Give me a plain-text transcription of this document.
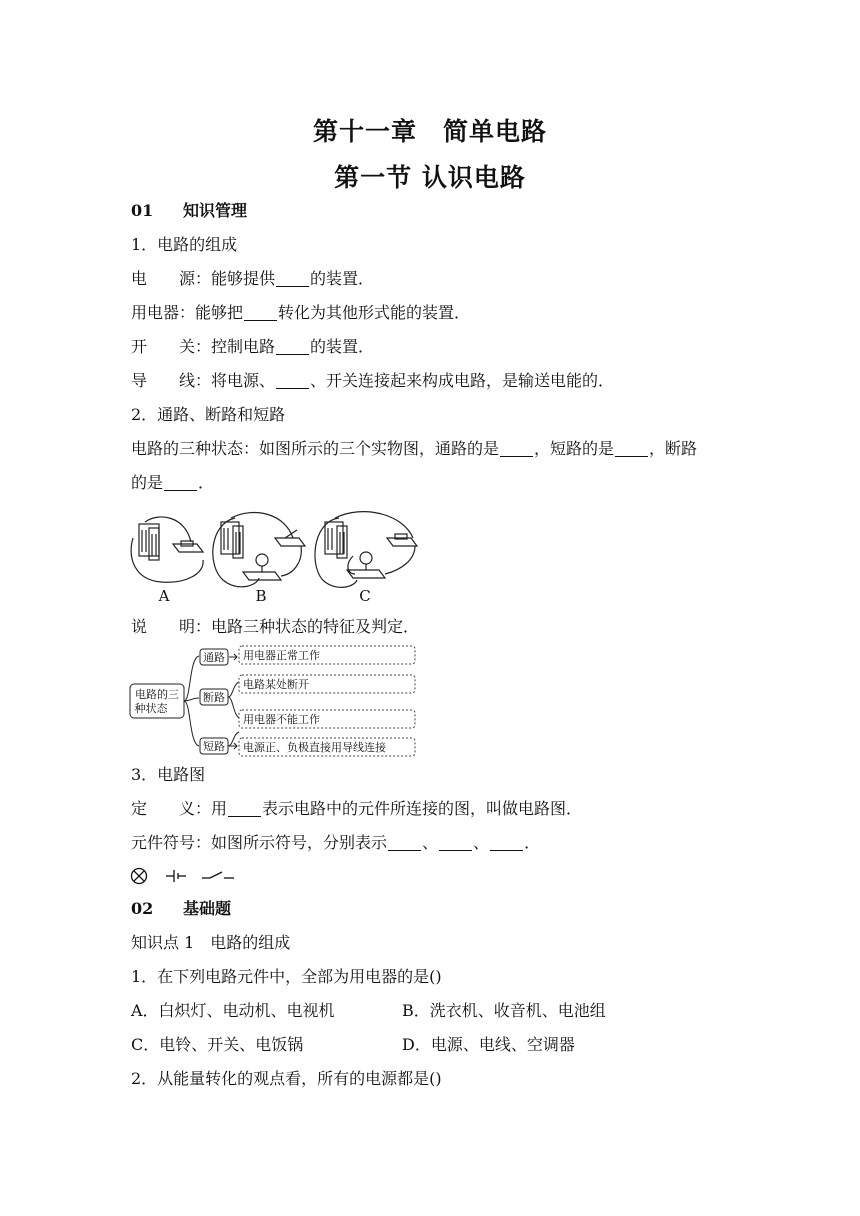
第十一章　简单电路
第一节 认识电路
01 知识管理
1．电路的组成
电　　源：能够提供 的装置．
用电器：能够把 转化为其他形式能的装置．
开　　关：控制电路 的装置．
导　　线：将电源、 、开关连接起来构成电路，是输送电能的．
2．通路、断路和短路
电路的三种状态：如图所示的三个实物图，通路的是 ，短路的是 ，断路
的是 ．
A	B	C
说　　明：电路三种状态的特征及判定．
电路的三
种状态
通路
断路
短路
用电器正常工作
电路某处断开
用电器不能工作
电源正、负极直接用导线连接
3．电路图
定　　义：用 表示电路中的元件所连接的图，叫做电路图．
元件符号：如图所示符号，分别表示 、 、 ．
02 基础题
知识点 1　电路的组成
1．在下列电路元件中，全部为用电器的是()
A．白炽灯、电动机、电视机	B．洗衣机、收音机、电池组
C．电铃、开关、电饭锅	D．电源、电线、空调器
2．从能量转化的观点看，所有的电源都是()
